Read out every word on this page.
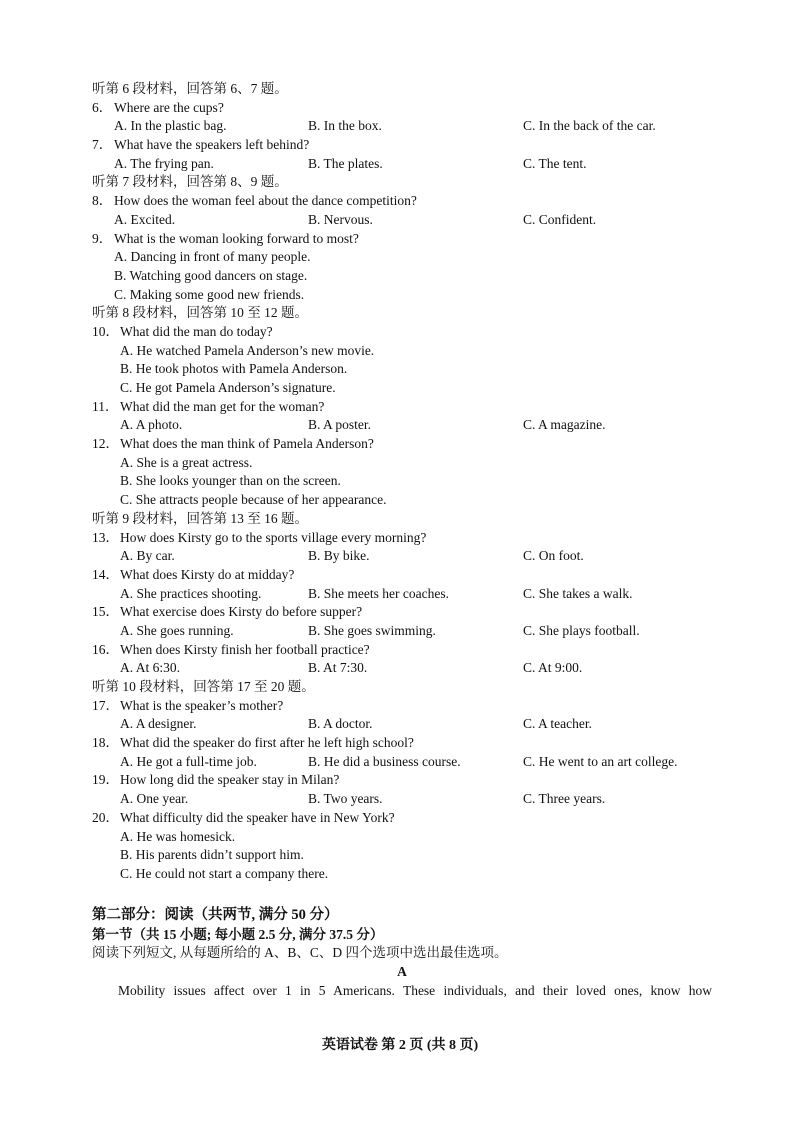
听第 6 段材料，回答第 6、7 题。
6． Where are the cups?
A. In the plastic bag.	B. In the box.	C. In the back of the car.
7． What have the speakers left behind?
A. The frying pan.	B. The plates.	C. The tent.
听第 7 段材料，回答第 8、9 题。
8． How does the woman feel about the dance competition?
A. Excited.	B. Nervous.	C. Confident.
9． What is the woman looking forward to most?
A. Dancing in front of many people.
B. Watching good dancers on stage.
C. Making some good new friends.
听第 8 段材料，回答第 10 至 12 题。
10． What did the man do today?
A. He watched Pamela Anderson’s new movie.
B. He took photos with Pamela Anderson.
C. He got Pamela Anderson’s signature.
11． What did the man get for the woman?
A. A photo.	B. A poster.	C. A magazine.
12． What does the man think of Pamela Anderson?
A. She is a great actress.
B. She looks younger than on the screen.
C. She attracts people because of her appearance.
听第 9 段材料，回答第 13 至 16 题。
13． How does Kirsty go to the sports village every morning?
A. By car.	B. By bike.	C. On foot.
14． What does Kirsty do at midday?
A. She practices shooting.	B. She meets her coaches.	C. She takes a walk.
15． What exercise does Kirsty do before supper?
A. She goes running.	B. She goes swimming.	C. She plays football.
16． When does Kirsty finish her football practice?
A. At 6:30.	B. At 7:30.	C. At 9:00.
听第 10 段材料，回答第 17 至 20 题。
17． What is the speaker’s mother?
A. A designer.	B. A doctor.	C. A teacher.
18． What did the speaker do first after he left high school?
A. He got a full-time job.	B. He did a business course.	C. He went to an art college.
19． How long did the speaker stay in Milan?
A. One year.	B. Two years.	C. Three years.
20． What difficulty did the speaker have in New York?
A. He was homesick.
B. His parents didn’t support him.
C. He could not start a company there.
第二部分：阅读（共两节, 满分 50 分）
第一节（共 15 小题; 每小题 2.5 分, 满分 37.5 分）
阅读下列短文, 从每题所给的 A、B、C、D 四个选项中选出最佳选项。
A
Mobility issues affect over 1 in 5 Americans. These individuals, and their loved ones, know how
英语试卷 第 2 页 (共 8 页)
